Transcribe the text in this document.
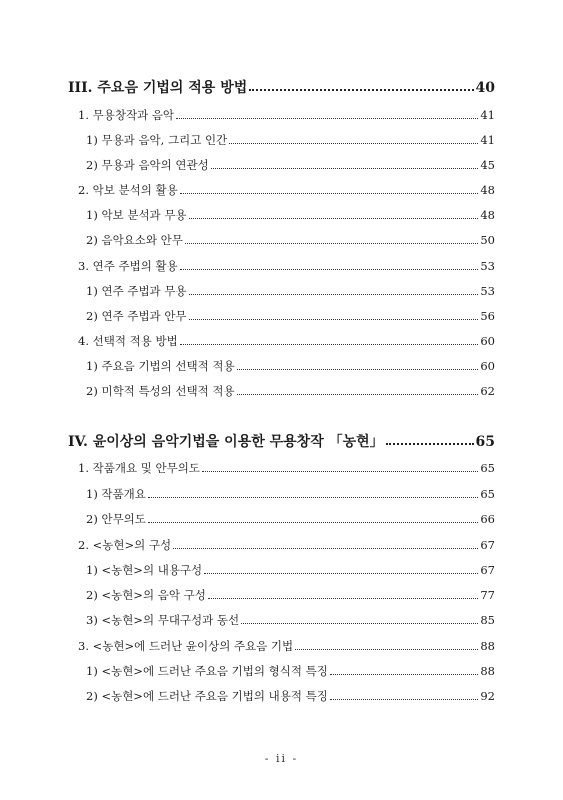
III. 주요음 기법의 적용 방법	40
1. 무용창작과 음악	41
1) 무용과 음악, 그리고 인간	41
2) 무용과 음악의 연관성	45
2. 악보 분석의 활용	48
1) 악보 분석과 무용	48
2) 음악요소와 안무	50
3. 연주 주법의 활용	53
1) 연주 주법과 무용	53
2) 연주 주법과 안무	56
4. 선택적 적용 방법	60
1) 주요음 기법의 선택적 적용	60
2) 미학적 특성의 선택적 적용	62
IV. 윤이상의 음악기법을 이용한 무용창작 「농현」	65
1. 작품개요 및 안무의도	65
1) 작품개요	65
2) 안무의도	66
2. <농현>의 구성	67
1) <농현>의 내용구성	67
2) <농현>의 음악 구성	77
3) <농현>의 무대구성과 동선	85
3. <농현>에 드러난 윤이상의 주요음 기법	88
1) <농현>에 드러난 주요음 기법의 형식적 특징	88
2) <농현>에 드러난 주요음 기법의 내용적 특징	92
- ii -
